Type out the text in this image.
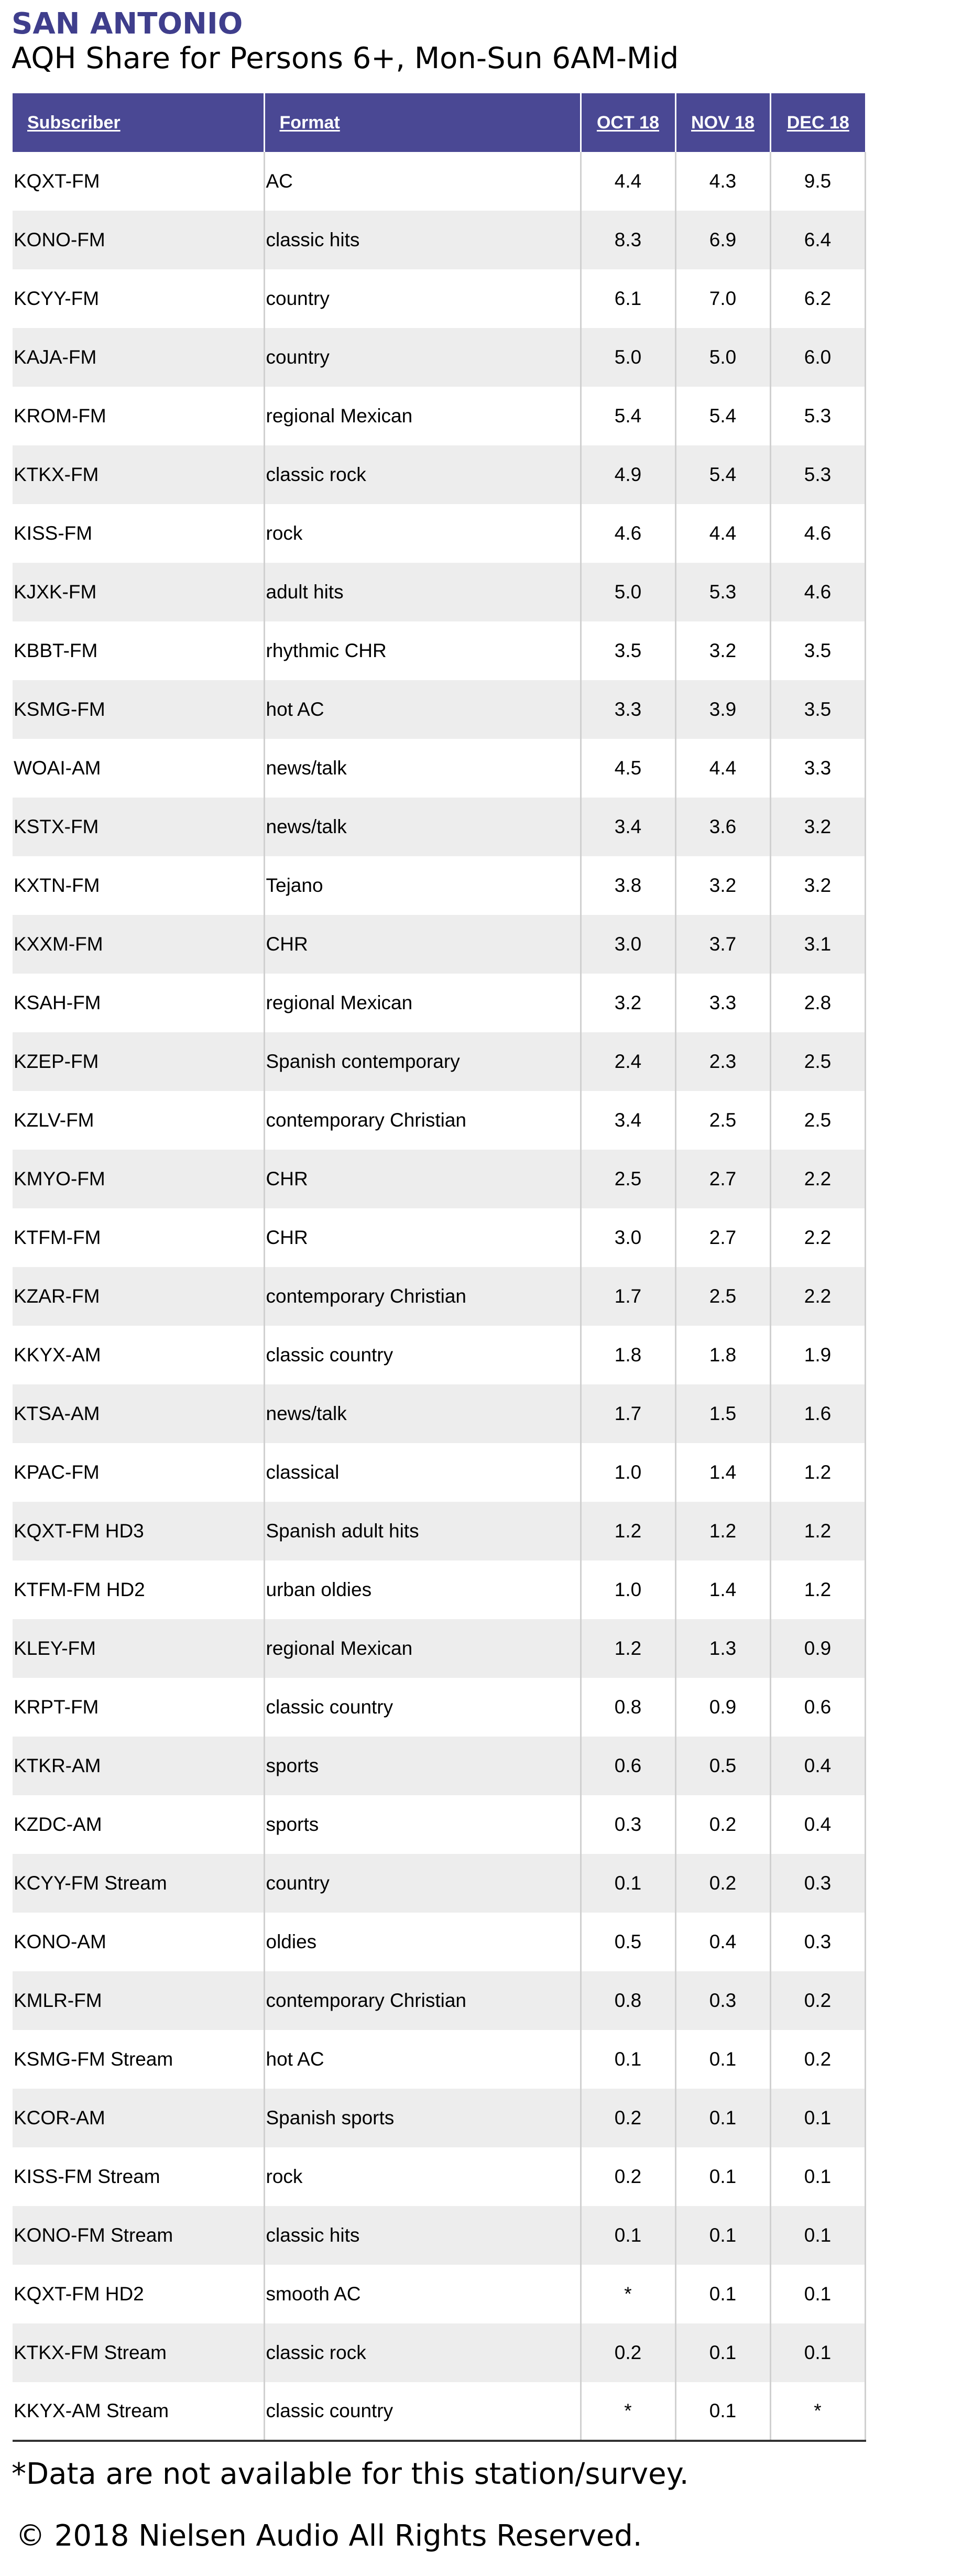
SAN ANTONIO
AQH Share for Persons 6+, Mon-Sun 6AM-Mid
Subscriber	Format	OCT 18	NOV 18	DEC 18
KQXT-FM	AC	4.4	4.3	9.5
KONO-FM	classic hits	8.3	6.9	6.4
KCYY-FM	country	6.1	7.0	6.2
KAJA-FM	country	5.0	5.0	6.0
KROM-FM	regional Mexican	5.4	5.4	5.3
KTKX-FM	classic rock	4.9	5.4	5.3
KISS-FM	rock	4.6	4.4	4.6
KJXK-FM	adult hits	5.0	5.3	4.6
KBBT-FM	rhythmic CHR	3.5	3.2	3.5
KSMG-FM	hot AC	3.3	3.9	3.5
WOAI-AM	news/talk	4.5	4.4	3.3
KSTX-FM	news/talk	3.4	3.6	3.2
KXTN-FM	Tejano	3.8	3.2	3.2
KXXM-FM	CHR	3.0	3.7	3.1
KSAH-FM	regional Mexican	3.2	3.3	2.8
KZEP-FM	Spanish contemporary	2.4	2.3	2.5
KZLV-FM	contemporary Christian	3.4	2.5	2.5
KMYO-FM	CHR	2.5	2.7	2.2
KTFM-FM	CHR	3.0	2.7	2.2
KZAR-FM	contemporary Christian	1.7	2.5	2.2
KKYX-AM	classic country	1.8	1.8	1.9
KTSA-AM	news/talk	1.7	1.5	1.6
KPAC-FM	classical	1.0	1.4	1.2
KQXT-FM HD3	Spanish adult hits	1.2	1.2	1.2
KTFM-FM HD2	urban oldies	1.0	1.4	1.2
KLEY-FM	regional Mexican	1.2	1.3	0.9
KRPT-FM	classic country	0.8	0.9	0.6
KTKR-AM	sports	0.6	0.5	0.4
KZDC-AM	sports	0.3	0.2	0.4
KCYY-FM Stream	country	0.1	0.2	0.3
KONO-AM	oldies	0.5	0.4	0.3
KMLR-FM	contemporary Christian	0.8	0.3	0.2
KSMG-FM Stream	hot AC	0.1	0.1	0.2
KCOR-AM	Spanish sports	0.2	0.1	0.1
KISS-FM Stream	rock	0.2	0.1	0.1
KONO-FM Stream	classic hits	0.1	0.1	0.1
KQXT-FM HD2	smooth AC	*	0.1	0.1
KTKX-FM Stream	classic rock	0.2	0.1	0.1
KKYX-AM Stream	classic country	*	0.1	*
*Data are not available for this station/survey.
© 2018 Nielsen Audio All Rights Reserved.
